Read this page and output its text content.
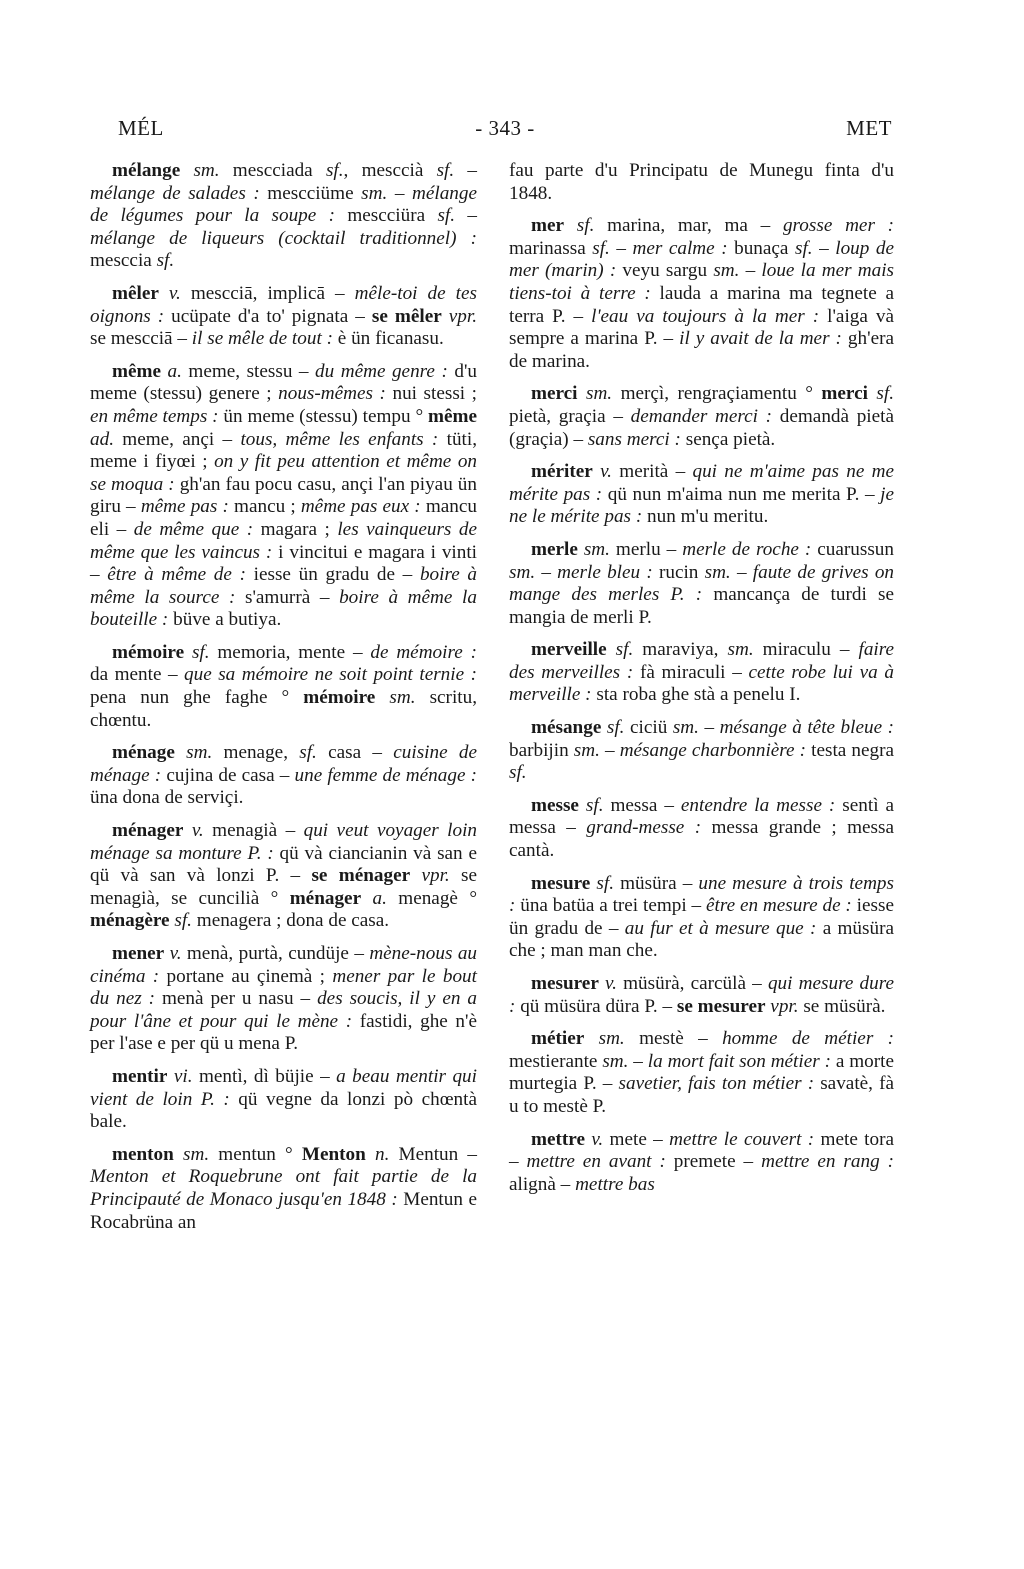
MÉL	- 343 -	MET

mélange sm. mescciada sf., mesccià sf. – mélange de salades : mescciüme sm. – mélange de légumes pour la soupe : mescciüra sf. – mélange de liqueurs (cocktail traditionnel) : mesccia sf.

mêler v. mescciā, implicā – mêle-toi de tes oignons : ucüpate d'a to' pignata – se mêler vpr. se mescciā – il se mêle de tout : è ün ficanasu.

même a. meme, stessu – du même genre : d'u meme (stessu) genere ; nous-mêmes : nui stessi ; en même temps : ün meme (stessu) tempu ° même ad. meme, ançi – tous, même les enfants : tüti, meme i fiyœi ; on y fit peu attention et même on se moqua : gh'an fau pocu casu, ançi l'an piyau ün giru – même pas : mancu ; même pas eux : mancu eli – de même que : magara ; les vainqueurs de même que les vaincus : i vincitui e magara i vinti – être à même de : iesse ün gradu de – boire à même la source : s'amurrà – boire à même la bouteille : büve a butiya.

mémoire sf. memoria, mente – de mémoire : da mente – que sa mémoire ne soit point ternie : pena nun ghe faghe ° mémoire sm. scritu, chœntu.

ménage sm. menage, sf. casa – cuisine de ménage : cujina de casa – une femme de ménage : üna dona de serviçi.

ménager v. menagià – qui veut voyager loin ménage sa monture P. : qü và ciancianin và san e qü và san và lonzi P. – se ménager vpr. se menagià, se cuncilià ° ménager a. menagè ° ménagère sf. menagera ; dona de casa.

mener v. menà, purtà, cundüje – mène-nous au cinéma : portane au çinemà ; mener par le bout du nez : menà per u nasu – des soucis, il y en a pour l'âne et pour qui le mène : fastidi, ghe n'è per l'ase e per qü u mena P.

mentir vi. mentì, dì büjie – a beau mentir qui vient de loin P. : qü vegne da lonzi pò chœntà bale.

menton sm. mentun ° Menton n. Mentun – Menton et Roquebrune ont fait partie de la Principauté de Monaco jusqu'en 1848 : Mentun e Rocabrüna an

fau parte d'u Principatu de Munegu finta d'u 1848.

mer sf. marina, mar, ma – grosse mer : marinassa sf. – mer calme : bunaça sf. – loup de mer (marin) : veyu sargu sm. – loue la mer mais tiens-toi à terre : lauda a marina ma tegnete a terra P. – l'eau va toujours à la mer : l'aiga và sempre a marina P. – il y avait de la mer : gh'era de marina.

merci sm. merçì, rengraçiamentu ° merci sf. pietà, graçia – demander merci : demandà pietà (graçia) – sans merci : sença pietà.

mériter v. merità – qui ne m'aime pas ne me mérite pas : qü nun m'aima nun me merita P. – je ne le mérite pas : nun m'u meritu.

merle sm. merlu – merle de roche : cuarussun sm. – merle bleu : rucin sm. – faute de grives on mange des merles P. : mancança de turdi se mangia de merli P.

merveille sf. maraviya, sm. miraculu – faire des merveilles : fà miraculi – cette robe lui va à merveille : sta roba ghe stà a penelu I.

mésange sf. ciciü sm. – mésange à tête bleue : barbijin sm. – mésange charbonnière : testa negra sf.

messe sf. messa – entendre la messe : sentì a messa – grand-messe : messa grande ; messa cantà.

mesure sf. müsüra – une mesure à trois temps : üna batüa a trei tempi – être en mesure de : iesse ün gradu de – au fur et à mesure que : a müsüra che ; man man che.

mesurer v. müsürà, carcülà – qui mesure dure : qü müsüra düra P. – se mesurer vpr. se müsürà.

métier sm. mestè – homme de métier : mestierante sm. – la mort fait son métier : a morte murtegia P. – savetier, fais ton métier : savatè, fà u to mestè P.

mettre v. mete – mettre le couvert : mete tora – mettre en avant : premete – mettre en rang : alignà – mettre bas
